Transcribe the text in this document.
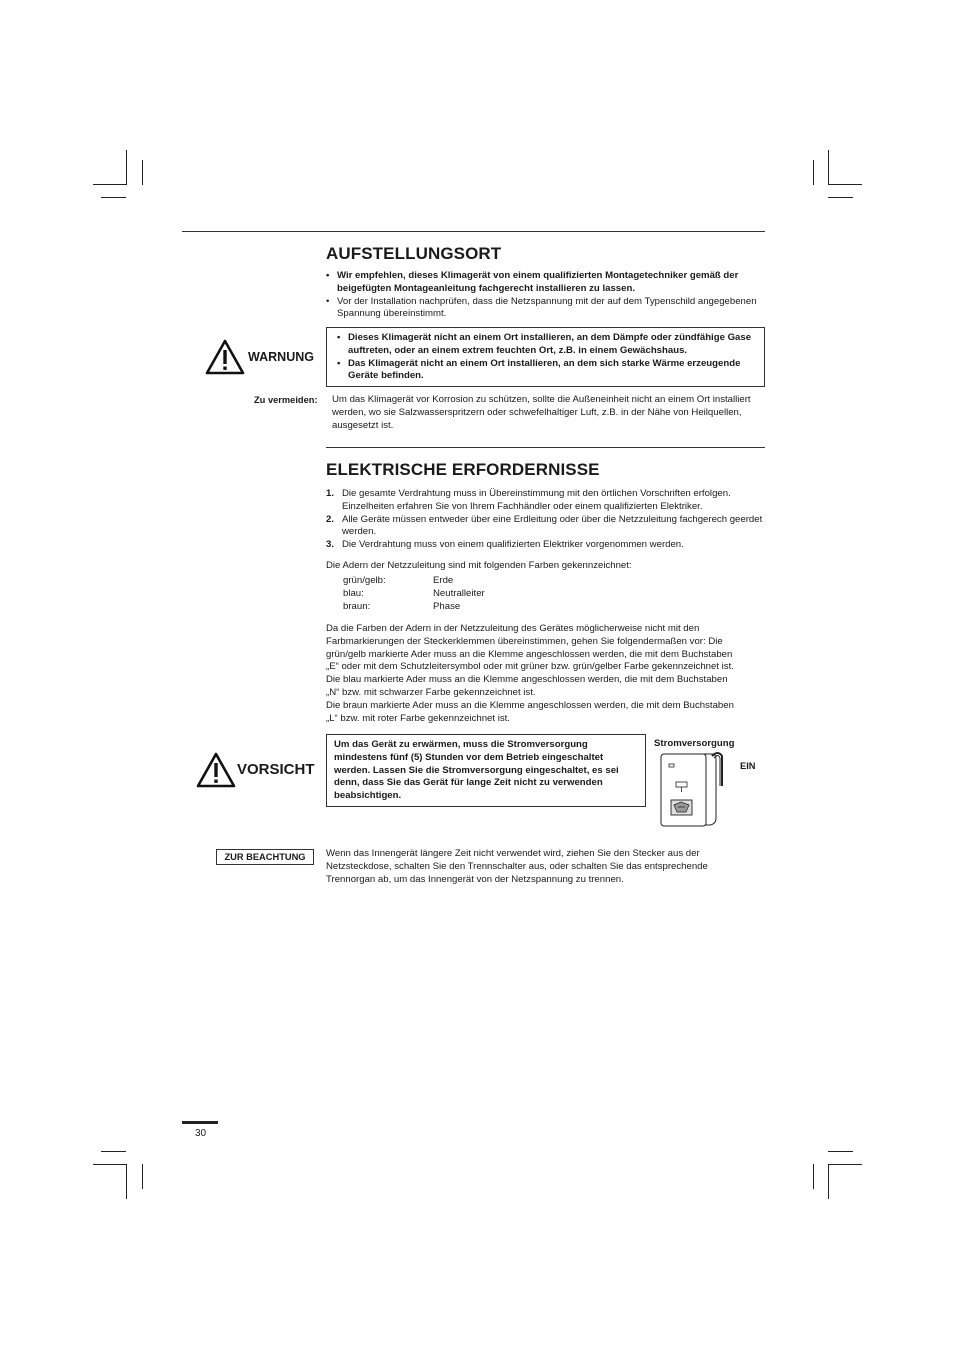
AUFSTELLUNGSORT
• Wir empfehlen, dieses Klimagerät von einem qualifizierten Montagetechniker gemäß der beigefügten Montageanleitung fachgerecht installieren zu lassen.
• Vor der Installation nachprüfen, dass die Netzspannung mit der auf dem Typenschild angegebenen Spannung übereinstimmt.
WARNUNG
• Dieses Klimagerät nicht an einem Ort installieren, an dem Dämpfe oder zündfähige Gase auftreten, oder an einem extrem feuchten Ort, z.B. in einem Gewächshaus.
• Das Klimagerät nicht an einem Ort installieren, an dem sich starke Wärme erzeugende Geräte befinden.
Zu vermeiden: Um das Klimagerät vor Korrosion zu schützen, sollte die Außeneinheit nicht an einem Ort installiert werden, wo sie Salzwasserspritzern oder schwefelhaltiger Luft, z.B. in der Nähe von Heilquellen, ausgesetzt ist.
ELEKTRISCHE ERFORDERNISSE
1. Die gesamte Verdrahtung muss in Übereinstimmung mit den örtlichen Vorschriften erfolgen. Einzelheiten erfahren Sie von Ihrem Fachhändler oder einem qualifizierten Elektriker.
2. Alle Geräte müssen entweder über eine Erdleitung oder über die Netzzuleitung fachgerech geerdet werden.
3. Die Verdrahtung muss von einem qualifizierten Elektriker vorgenommen werden.
Die Adern der Netzzuleitung sind mit folgenden Farben gekennzeichnet:
grün/gelb:	Erde
blau:	Neutralleiter
braun:	Phase
Da die Farben der Adern in der Netzzuleitung des Gerätes möglicherweise nicht mit den
Farbmarkierungen der Steckerklemmen übereinstimmen, gehen Sie folgendermaßen vor: Die
grün/gelb markierte Ader muss an die Klemme angeschlossen werden, die mit dem Buchstaben
„E“ oder mit dem Schutzleitersymbol oder mit grüner bzw. grün/gelber Farbe gekennzeichnet ist.
Die blau markierte Ader muss an die Klemme angeschlossen werden, die mit dem Buchstaben
„N“ bzw. mit schwarzer Farbe gekennzeichnet ist.
Die braun markierte Ader muss an die Klemme angeschlossen werden, die mit dem Buchstaben
„L“ bzw. mit roter Farbe gekennzeichnet ist.
VORSICHT
Um das Gerät zu erwärmen, muss die Stromversorgung mindestens fünf (5) Stunden vor dem Betrieb eingeschaltet werden. Lassen Sie die Stromversorgung eingeschaltet, es sei denn, dass Sie das Gerät für lange Zeit nicht zu verwenden beabsichtigen.
Stromversorgung
EIN
ZUR BEACHTUNG	Wenn das Innengerät längere Zeit nicht verwendet wird, ziehen Sie den Stecker aus der Netzsteckdose, schalten Sie den Trennschalter aus, oder schalten Sie das entsprechende Trennorgan ab, um das Innengerät von der Netzspannung zu trennen.
30
